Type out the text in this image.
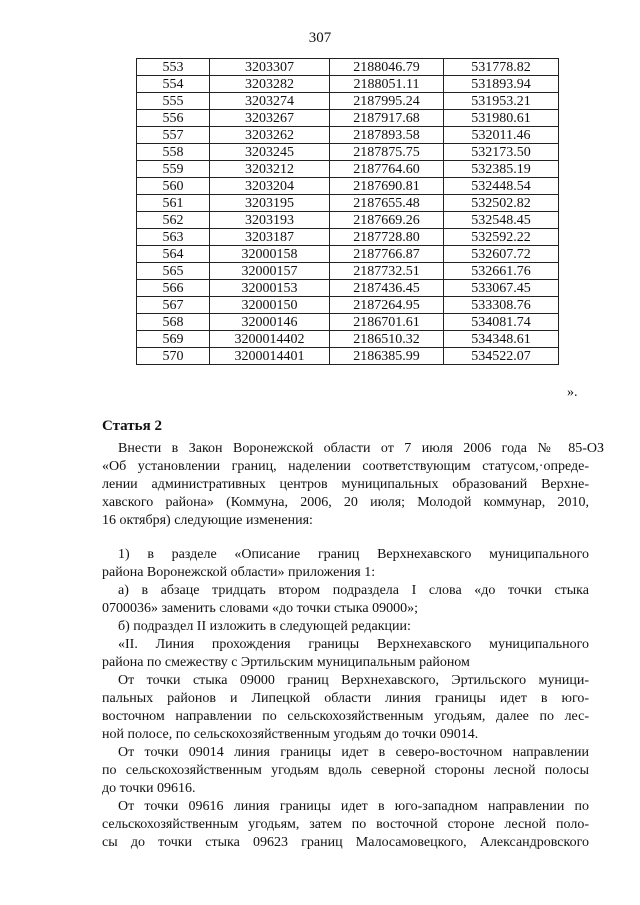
307
553	3203307	2188046.79	531778.82
554	3203282	2188051.11	531893.94
555	3203274	2187995.24	531953.21
556	3203267	2187917.68	531980.61
557	3203262	2187893.58	532011.46
558	3203245	2187875.75	532173.50
559	3203212	2187764.60	532385.19
560	3203204	2187690.81	532448.54
561	3203195	2187655.48	532502.82
562	3203193	2187669.26	532548.45
563	3203187	2187728.80	532592.22
564	32000158	2187766.87	532607.72
565	32000157	2187732.51	532661.76
566	32000153	2187436.45	533067.45
567	32000150	2187264.95	533308.76
568	32000146	2186701.61	534081.74
569	3200014402	2186510.32	534348.61
570	3200014401	2186385.99	534522.07
».
Статья 2
Внести в Закон Воронежской области от 7 июля 2006 года № 85-ОЗ
«Об установлении границ, наделении соответствующим статусом,·опреде-
лении административных центров муниципальных образований Верхне-
хавского района» (Коммуна, 2006, 20 июля; Молодой коммунар, 2010,
16 октября) следующие изменения:
1) в разделе «Описание границ Верхнехавского муниципального
района Воронежской области» приложения 1:
а) в абзаце тридцать втором подраздела I слова «до точки стыка
0700036» заменить словами «до точки стыка 09000»;
б) подраздел II изложить в следующей редакции:
«II. Линия прохождения границы Верхнехавского муниципального
района по смежеству с Эртильским муниципальным районом
От точки стыка 09000 границ Верхнехавского, Эртильского муници-
пальных районов и Липецкой области линия границы идет в юго-
восточном направлении по сельскохозяйственным угодьям, далее по лес-
ной полосе, по сельскохозяйственным угодьям до точки 09014.
От точки 09014 линия границы идет в северо-восточном направлении
по сельскохозяйственным угодьям вдоль северной стороны лесной полосы
до точки 09616.
От точки 09616 линия границы идет в юго-западном направлении по
сельскохозяйственным угодьям, затем по восточной стороне лесной поло-
сы до точки стыка 09623 границ Малосамовецкого, Александровского
